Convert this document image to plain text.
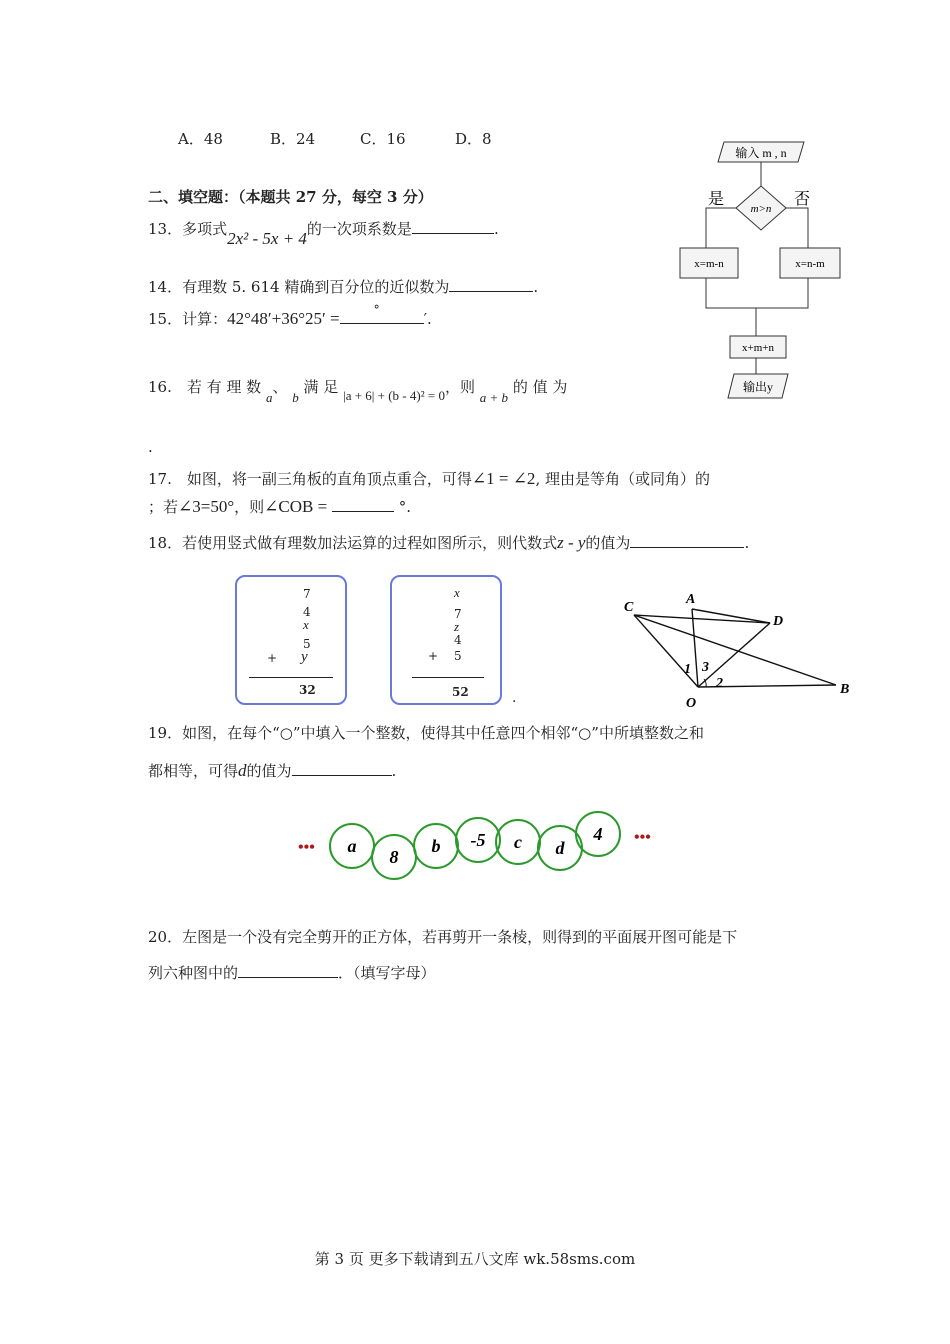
A．48	B．24	C．16	D．8
输入 m , n
m>n
是	否
x=m-n	x=n-m
x+m+n
输出y
二、填空题：（本题共 27 分，每空 3 分）
13．多项式2x² - 5x + 4的一次项系数是	.
14．有理数 5. 614 精确到百分位的近似数为	.
15．计算：42°48′+36°25′ =	°	′.
16.　若 有 理 数 a、 b 满 足 |a + 6| + (b - 4)² = 0，则 a + b 的 值 为
.
17.　如图，将一副三角板的直角顶点重合，可得∠1 = ∠2, 理由是等角（或同角）的
；若∠3=50°，则∠COB =	°.
18．若使用竖式做有理数加法运算的过程如图所示，则代数式z - y的值为	.
7
4
x
5
+ y
32
x
7
z
4
+ 5
52	.
C
A
D
B
O
1 3
2
19．如图，在每个“○”中填入一个整数，使得其中任意四个相邻“○”中所填整数之和
都相等，可得d的值为	.
••• a
8
b -5 c d
4 •••
20．左图是一个没有完全剪开的正方体，若再剪开一条棱，则得到的平面展开图可能是下
列六种图中的	．（填写字母）
第 3 页 更多下载请到五八文库 wk.58sms.com
